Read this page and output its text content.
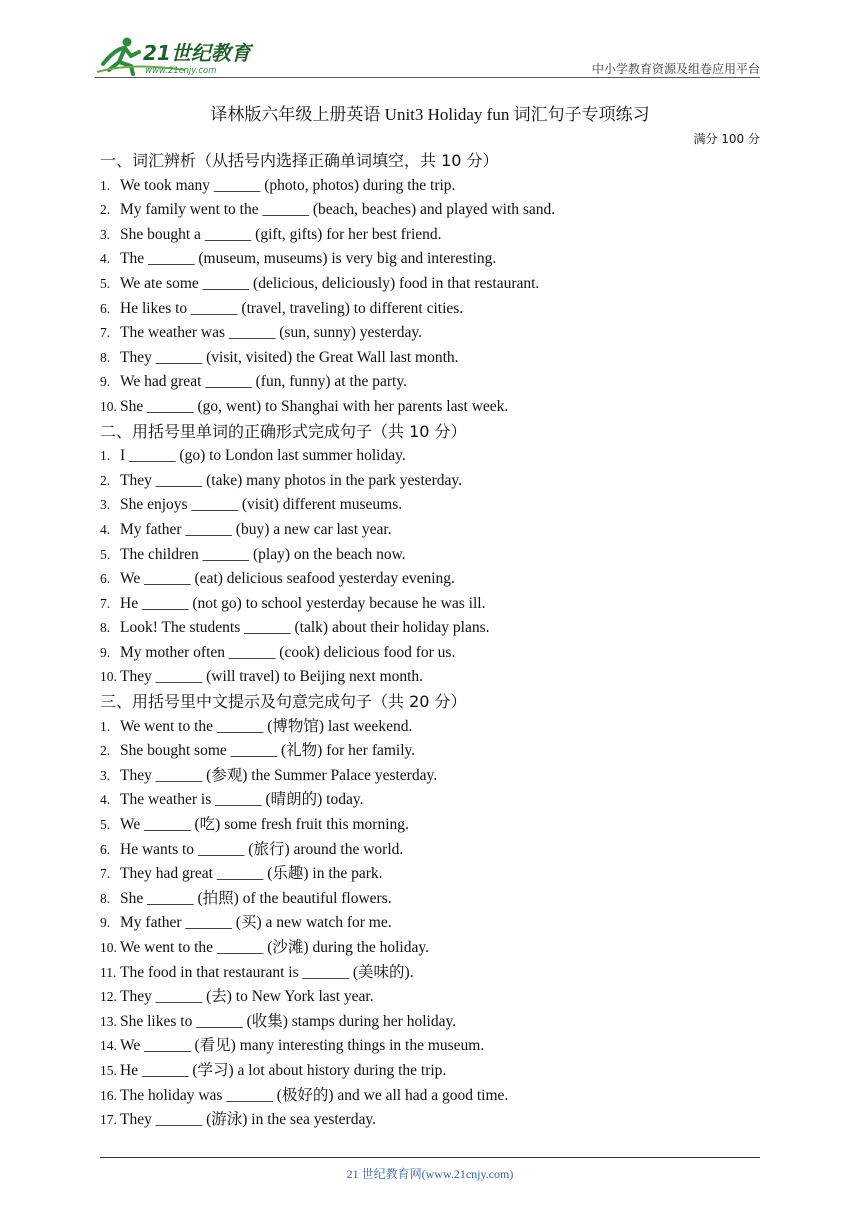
21世纪教育
www.21cnjy.com	中小学教育资源及组卷应用平台
译林版六年级上册英语 Unit3 Holiday fun 词汇句子专项练习
满分 100 分
一、词汇辨析（从括号内选择正确单词填空，共 10 分）
1. We took many ______ (photo, photos) during the trip.
2. My family went to the ______ (beach, beaches) and played with sand.
3. She bought a ______ (gift, gifts) for her best friend.
4. The ______ (museum, museums) is very big and interesting.
5. We ate some ______ (delicious, deliciously) food in that restaurant.
6. He likes to ______ (travel, traveling) to different cities.
7. The weather was ______ (sun, sunny) yesterday.
8. They ______ (visit, visited) the Great Wall last month.
9. We had great ______ (fun, funny) at the party.
10. She ______ (go, went) to Shanghai with her parents last week.
二、用括号里单词的正确形式完成句子（共 10 分）
1. I ______ (go) to London last summer holiday.
2. They ______ (take) many photos in the park yesterday.
3. She enjoys ______ (visit) different museums.
4. My father ______ (buy) a new car last year.
5. The children ______ (play) on the beach now.
6. We ______ (eat) delicious seafood yesterday evening.
7. He ______ (not go) to school yesterday because he was ill.
8. Look! The students ______ (talk) about their holiday plans.
9. My mother often ______ (cook) delicious food for us.
10. They ______ (will travel) to Beijing next month.
三、用括号里中文提示及句意完成句子（共 20 分）
1. We went to the ______ (博物馆) last weekend.
2. She bought some ______ (礼物) for her family.
3. They ______ (参观) the Summer Palace yesterday.
4. The weather is ______ (晴朗的) today.
5. We ______ (吃) some fresh fruit this morning.
6. He wants to ______ (旅行) around the world.
7. They had great ______ (乐趣) in the park.
8. She ______ (拍照) of the beautiful flowers.
9. My father ______ (买) a new watch for me.
10. We went to the ______ (沙滩) during the holiday.
11. The food in that restaurant is ______ (美味的).
12. They ______ (去) to New York last year.
13. She likes to ______ (收集) stamps during her holiday.
14. We ______ (看见) many interesting things in the museum.
15. He ______ (学习) a lot about history during the trip.
16. The holiday was ______ (极好的) and we all had a good time.
17. They ______ (游泳) in the sea yesterday.
21 世纪教育网(www.21cnjy.com)
